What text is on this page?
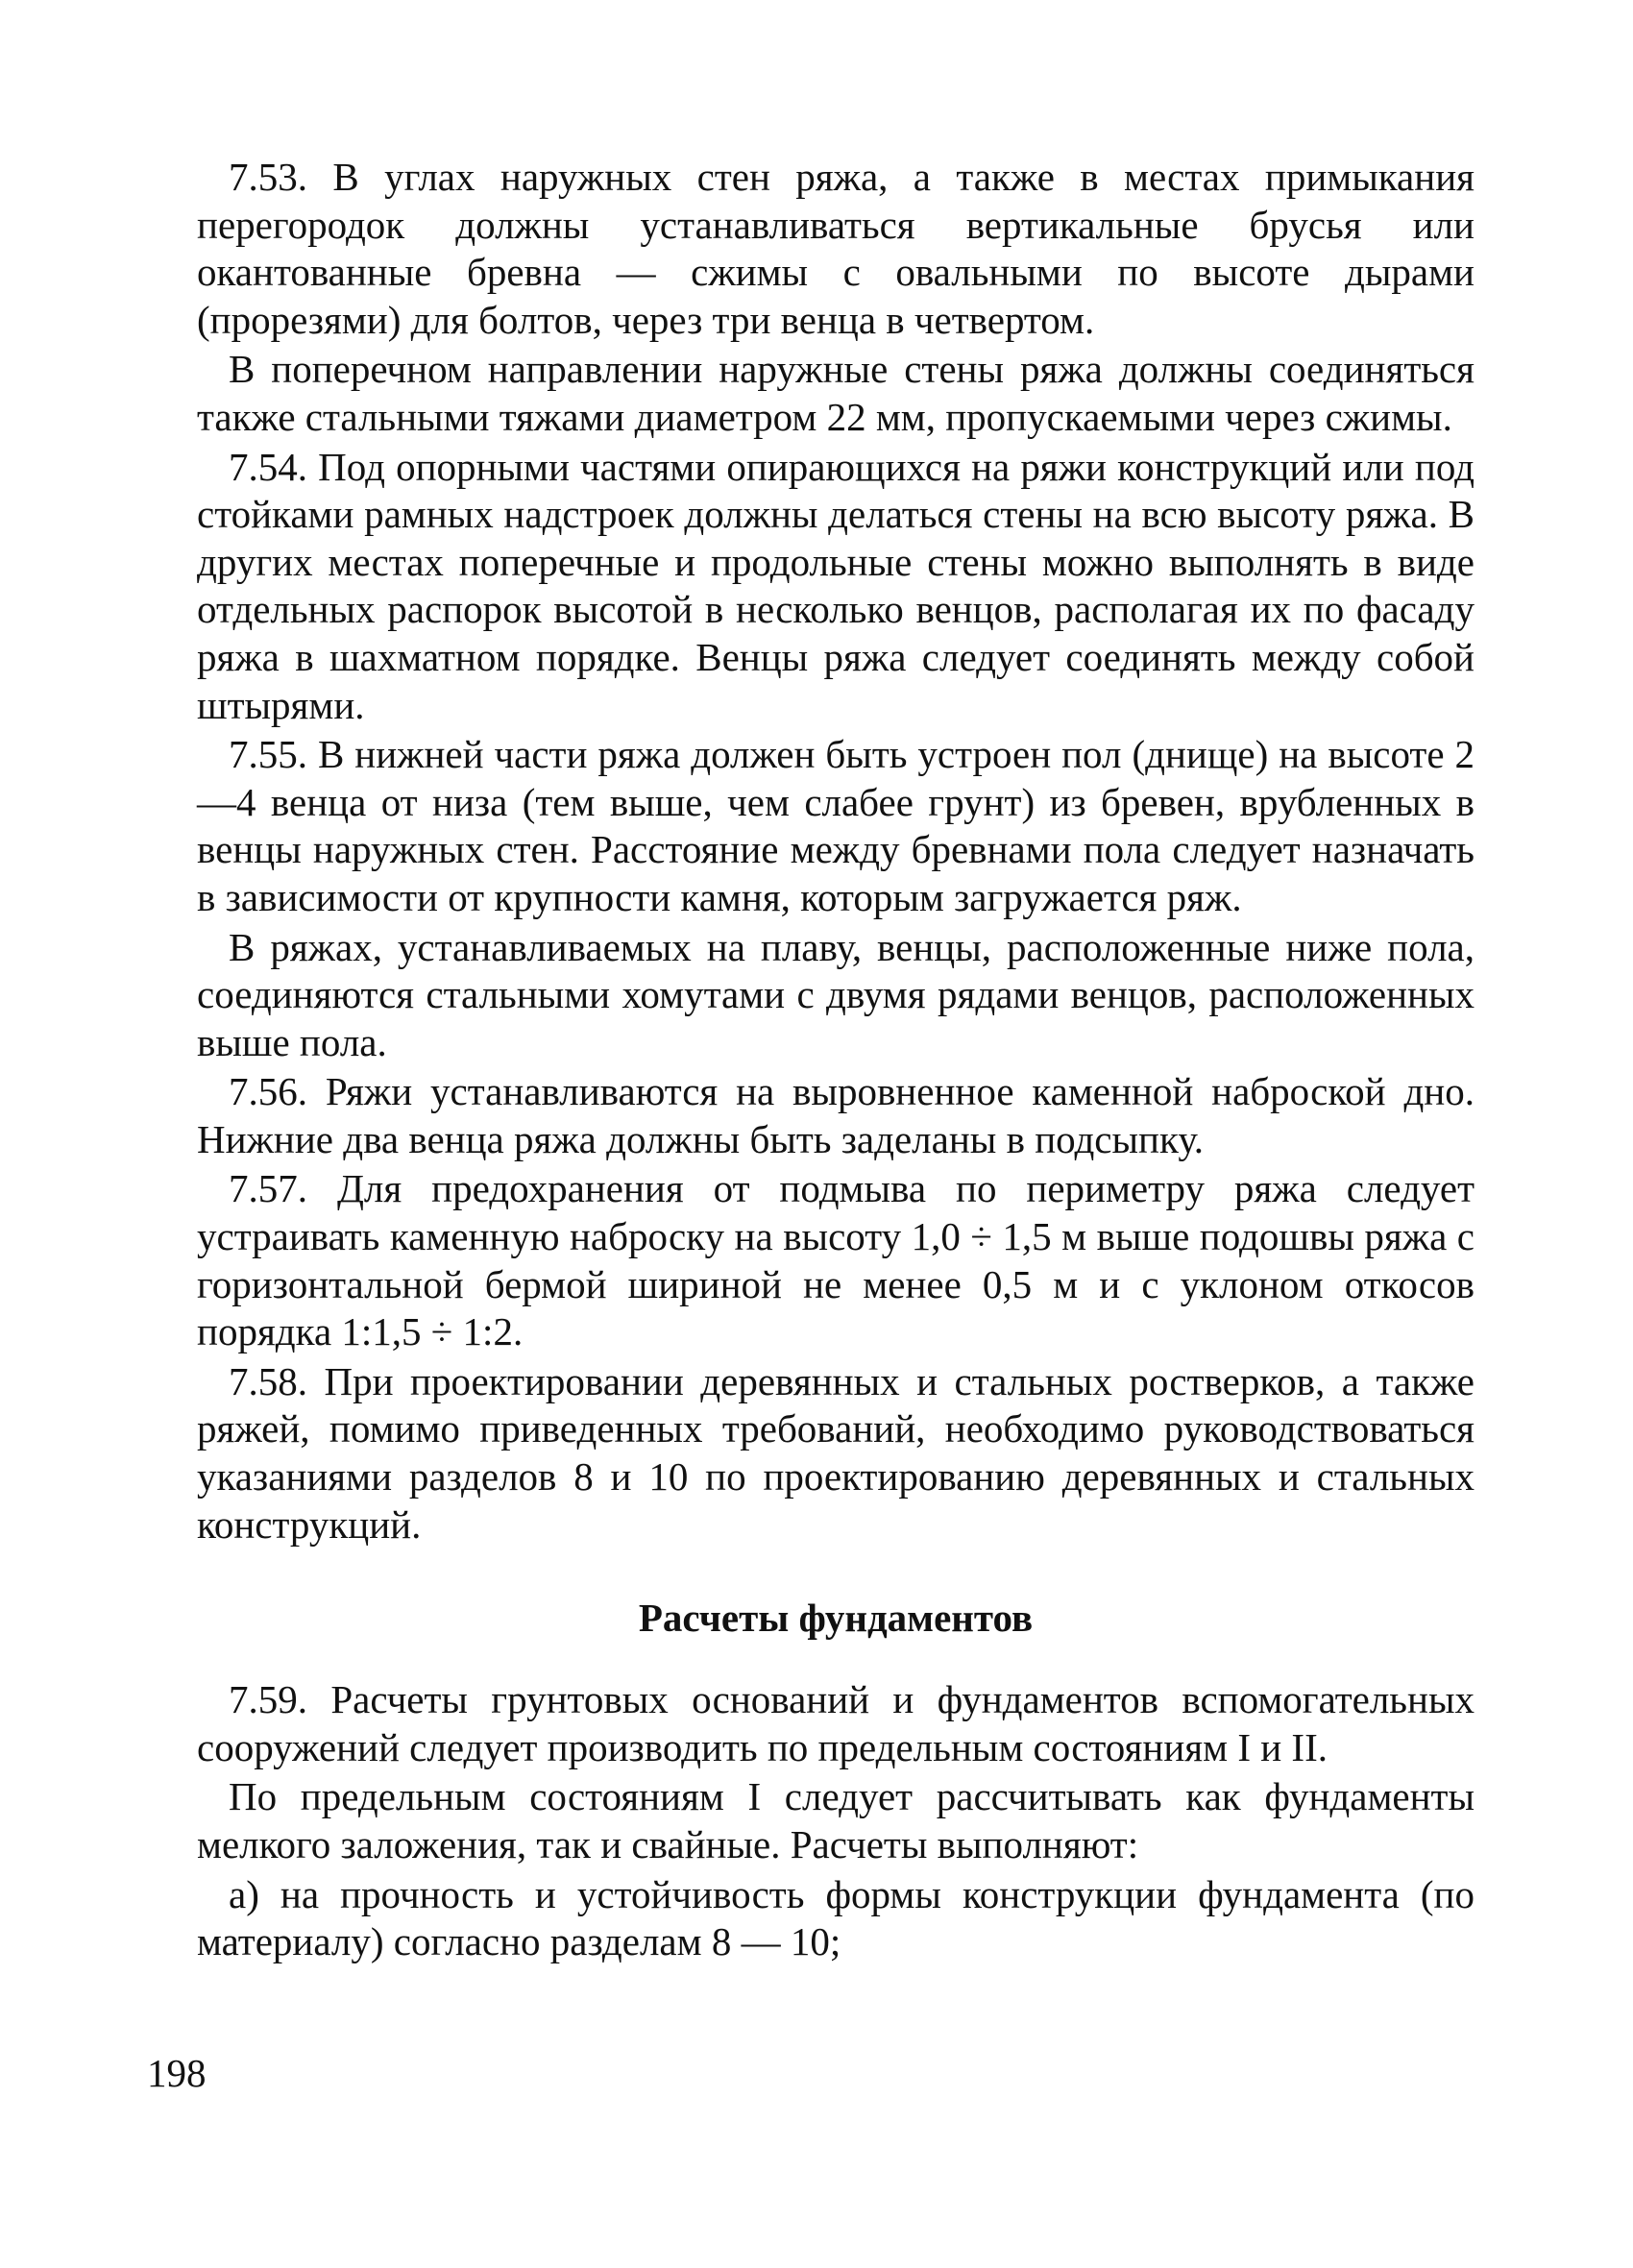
7.53. В углах наружных стен ряжа, а также в местах примыкания перегородок должны устанавливаться вертикальные брусья или окантованные бревна — сжимы с овальными по высоте дырами (прорезями) для болтов, через три венца в четвертом.

В поперечном направлении наружные стены ряжа должны соединяться также стальными тяжами диаметром 22 мм, пропускаемыми через сжимы.

7.54. Под опорными частями опирающихся на ряжи конструкций или под стойками рамных надстроек должны делаться стены на всю высоту ряжа. В других местах поперечные и продольные стены можно выполнять в виде отдельных распорок высотой в несколько венцов, располагая их по фасаду ряжа в шахматном порядке. Венцы ряжа следует соединять между собой штырями.

7.55. В нижней части ряжа должен быть устроен пол (днище) на высоте 2—4 венца от низа (тем выше, чем слабее грунт) из бревен, врубленных в венцы наружных стен. Расстояние между бревнами пола следует назначать в зависимости от крупности камня, которым загружается ряж.

В ряжах, устанавливаемых на плаву, венцы, расположенные ниже пола, соединяются стальными хомутами с двумя рядами венцов, расположенных выше пола.

7.56. Ряжи устанавливаются на выровненное каменной наброской дно. Нижние два венца ряжа должны быть заделаны в подсыпку.

7.57. Для предохранения от подмыва по периметру ряжа следует устраивать каменную наброску на высоту 1,0 ÷ 1,5 м выше подошвы ряжа с горизонтальной бермой шириной не менее 0,5 м и с уклоном откосов порядка 1:1,5 ÷ 1:2.

7.58. При проектировании деревянных и стальных ростверков, а также ряжей, помимо приведенных требований, необходимо руководствоваться указаниями разделов 8 и 10 по проектированию деревянных и стальных конструкций.

Расчеты фундаментов

7.59. Расчеты грунтовых оснований и фундаментов вспомогательных сооружений следует производить по предельным состояниям I и II.

По предельным состояниям I следует рассчитывать как фундаменты мелкого заложения, так и свайные. Расчеты выполняют:

а) на прочность и устойчивость формы конструкции фундамента (по материалу) согласно разделам 8 — 10;

198
